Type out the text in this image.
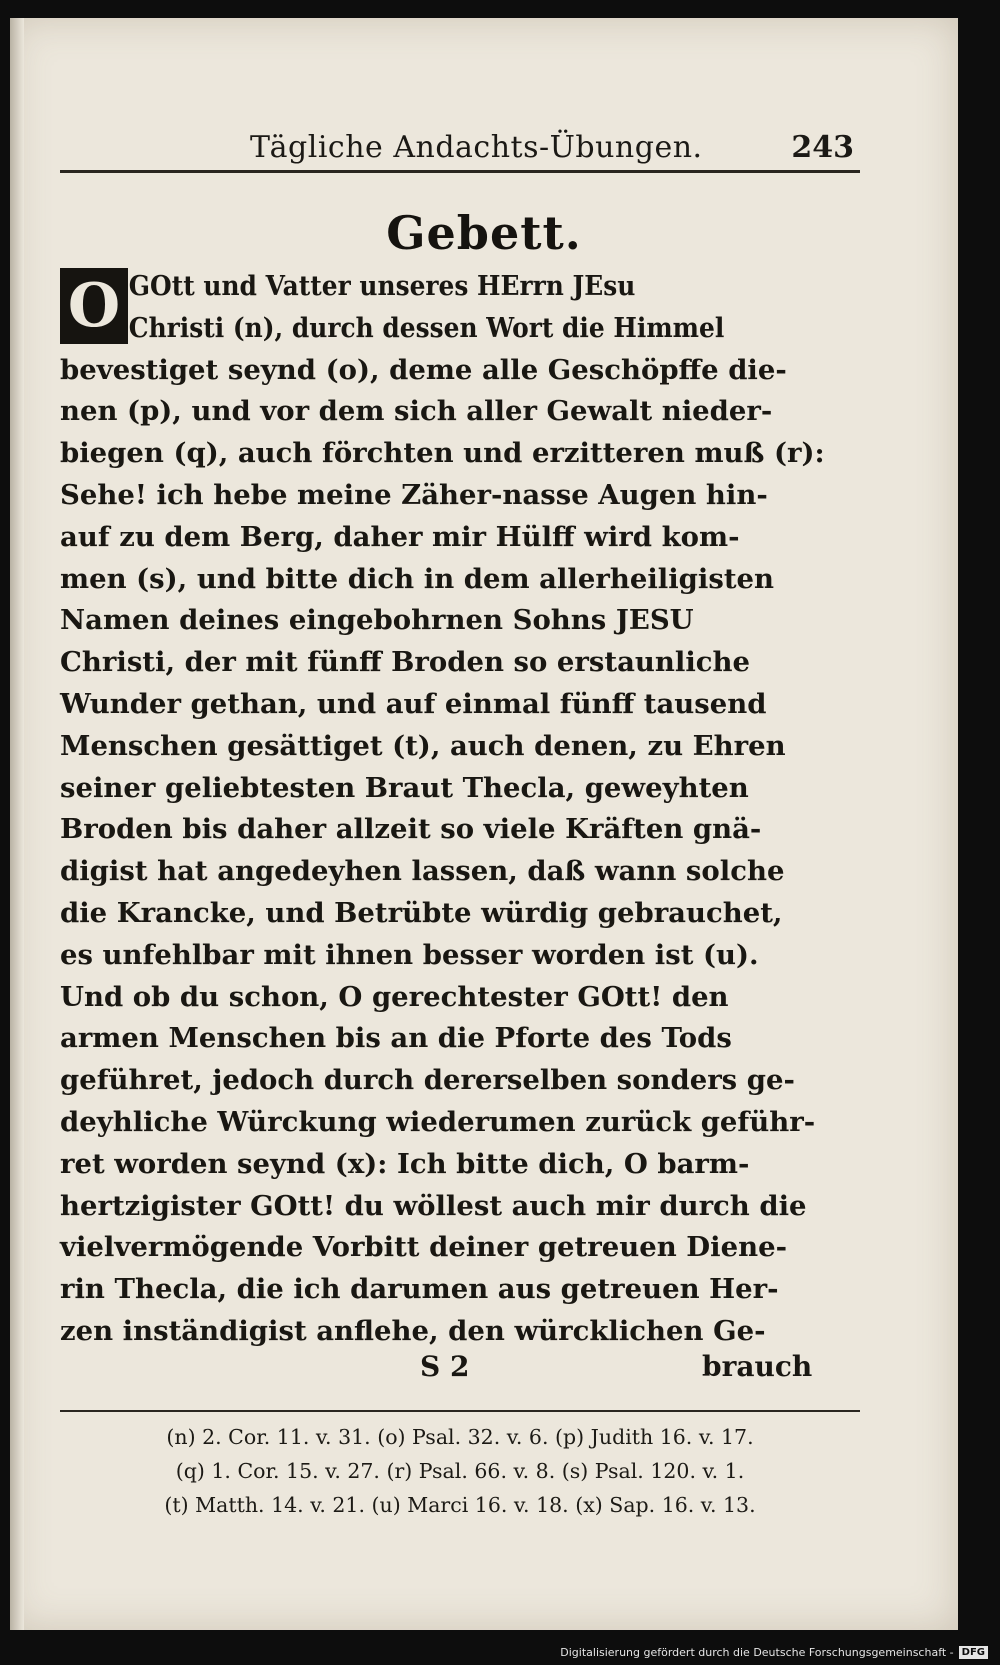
Tägliche Andachts-Übungen.	243
Gebett.
O GOtt und Vatter unseres HErrn JEsu
Christi (n), durch dessen Wort die Himmel
bevestiget seynd (o), deme alle Geschöpffe die-
nen (p), und vor dem sich aller Gewalt nieder-
biegen (q), auch förchten und erzitteren muß (r):
Sehe! ich hebe meine Zäher-nasse Augen hin-
auf zu dem Berg, daher mir Hülff wird kom-
men (s), und bitte dich in dem allerheiligisten
Namen deines eingebohrnen Sohns JESU
Christi, der mit fünff Broden so erstaunliche
Wunder gethan, und auf einmal fünff tausend
Menschen gesättiget (t), auch denen, zu Ehren
seiner geliebtesten Braut Thecla, geweyhten
Broden bis daher allzeit so viele Kräften gnä-
digist hat angedeyhen lassen, daß wann solche
die Krancke, und Betrübte würdig gebrauchet,
es unfehlbar mit ihnen besser worden ist (u).
Und ob du schon, O gerechtester GOtt! den
armen Menschen bis an die Pforte des Tods
geführet, jedoch durch dererselben sonders ge-
deyhliche Würckung wiederumen zurück geführ-
ret worden seynd (x): Ich bitte dich, O barm-
hertzigister GOtt! du wöllest auch mir durch die
vielvermögende Vorbitt deiner getreuen Diene-
rin Thecla, die ich darumen aus getreuen Her-
zen inständigist anflehe, den würcklichen Ge-
S 2	brauch
(n) 2. Cor. 11. v. 31. (o) Psal. 32. v. 6. (p) Judith 16. v. 17.
(q) 1. Cor. 15. v. 27. (r) Psal. 66. v. 8. (s) Psal. 120. v. 1.
(t) Matth. 14. v. 21. (u) Marci 16. v. 18. (x) Sap. 16. v. 13.
Digitalisierung gefördert durch die Deutsche Forschungsgemeinschaft - DFG
